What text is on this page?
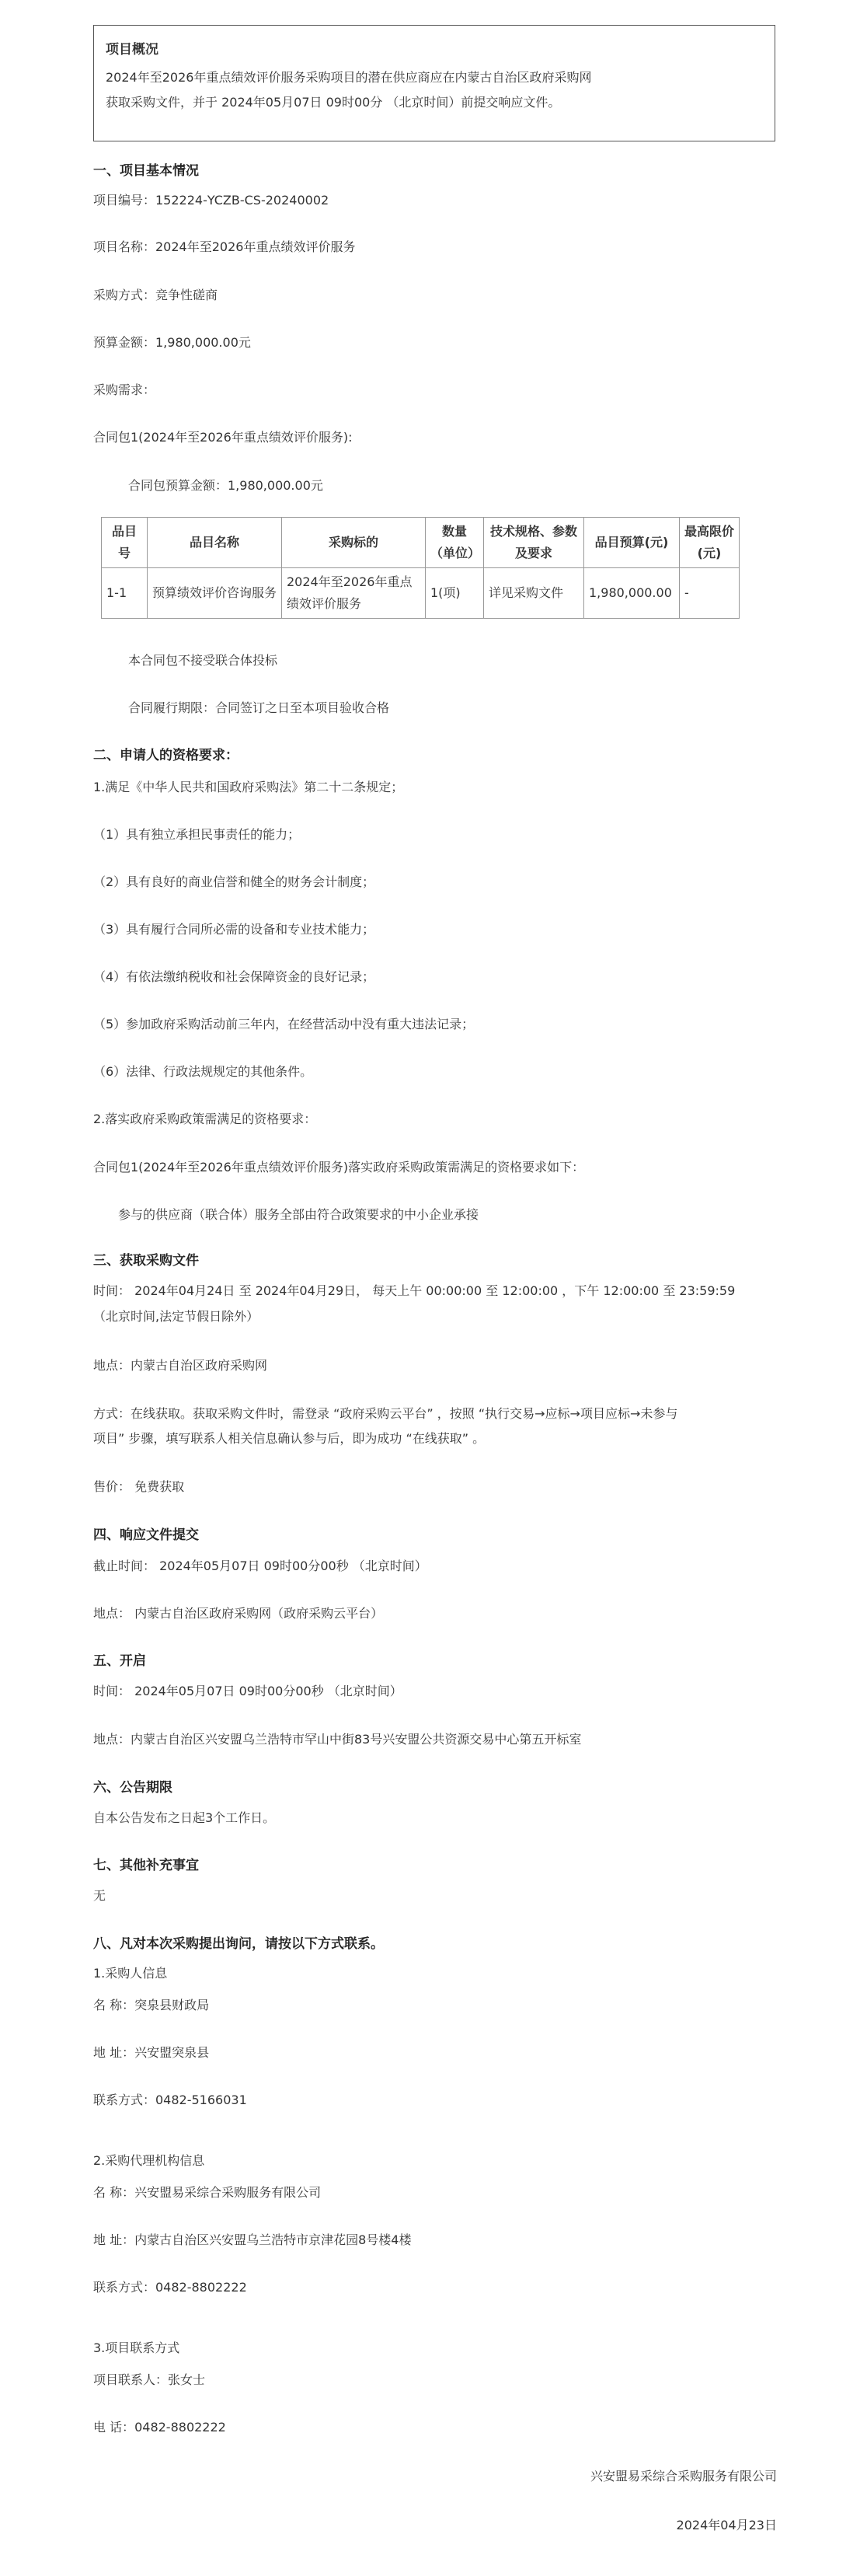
项目概况
2024年至2026年重点绩效评价服务采购项目的潜在供应商应在内蒙古自治区政府采购网
获取采购文件，并于 2024年05月07日 09时00分 （北京时间）前提交响应文件。
一、项目基本情况
项目编号：152224-YCZB-CS-20240002
项目名称：2024年至2026年重点绩效评价服务
采购方式：竞争性磋商
预算金额：1,980,000.00元
采购需求：
合同包1(2024年至2026年重点绩效评价服务):
合同包预算金额：1,980,000.00元
品目号	品目名称	采购标的	数量（单位）	技术规格、参数及要求	品目预算(元)	最高限价(元)
1-1	预算绩效评价咨询服务	2024年至2026年重点绩效评价服务	1(项)	详见采购文件	1,980,000.00	-
本合同包不接受联合体投标
合同履行期限：合同签订之日至本项目验收合格
二、申请人的资格要求：
1.满足《中华人民共和国政府采购法》第二十二条规定；
（1）具有独立承担民事责任的能力；
（2）具有良好的商业信誉和健全的财务会计制度；
（3）具有履行合同所必需的设备和专业技术能力；
（4）有依法缴纳税收和社会保障资金的良好记录；
（5）参加政府采购活动前三年内，在经营活动中没有重大违法记录；
（6）法律、行政法规规定的其他条件。
2.落实政府采购政策需满足的资格要求：
合同包1(2024年至2026年重点绩效评价服务)落实政府采购政策需满足的资格要求如下：
参与的供应商（联合体）服务全部由符合政策要求的中小企业承接
三、获取采购文件
时间： 2024年04月24日 至 2024年04月29日， 每天上午 00:00:00 至 12:00:00 ，下午 12:00:00 至 23:59:59
（北京时间,法定节假日除外）
地点：内蒙古自治区政府采购网
方式：在线获取。获取采购文件时，需登录 “政府采购云平台” ，按照 “执行交易→应标→项目应标→未参与
项目” 步骤，填写联系人相关信息确认参与后，即为成功 “在线获取” 。
售价： 免费获取
四、响应文件提交
截止时间： 2024年05月07日 09时00分00秒 （北京时间）
地点： 内蒙古自治区政府采购网（政府采购云平台）
五、开启
时间： 2024年05月07日 09时00分00秒 （北京时间）
地点：内蒙古自治区兴安盟乌兰浩特市罕山中街83号兴安盟公共资源交易中心第五开标室
六、公告期限
自本公告发布之日起3个工作日。
七、其他补充事宜
无
八、凡对本次采购提出询问，请按以下方式联系。
1.采购人信息
名 称：突泉县财政局
地 址：兴安盟突泉县
联系方式：0482-5166031
2.采购代理机构信息
名 称：兴安盟易采综合采购服务有限公司
地 址：内蒙古自治区兴安盟乌兰浩特市京津花园8号楼4楼
联系方式：0482-8802222
3.项目联系方式
项目联系人：张女士
电 话：0482-8802222
兴安盟易采综合采购服务有限公司
2024年04月23日
